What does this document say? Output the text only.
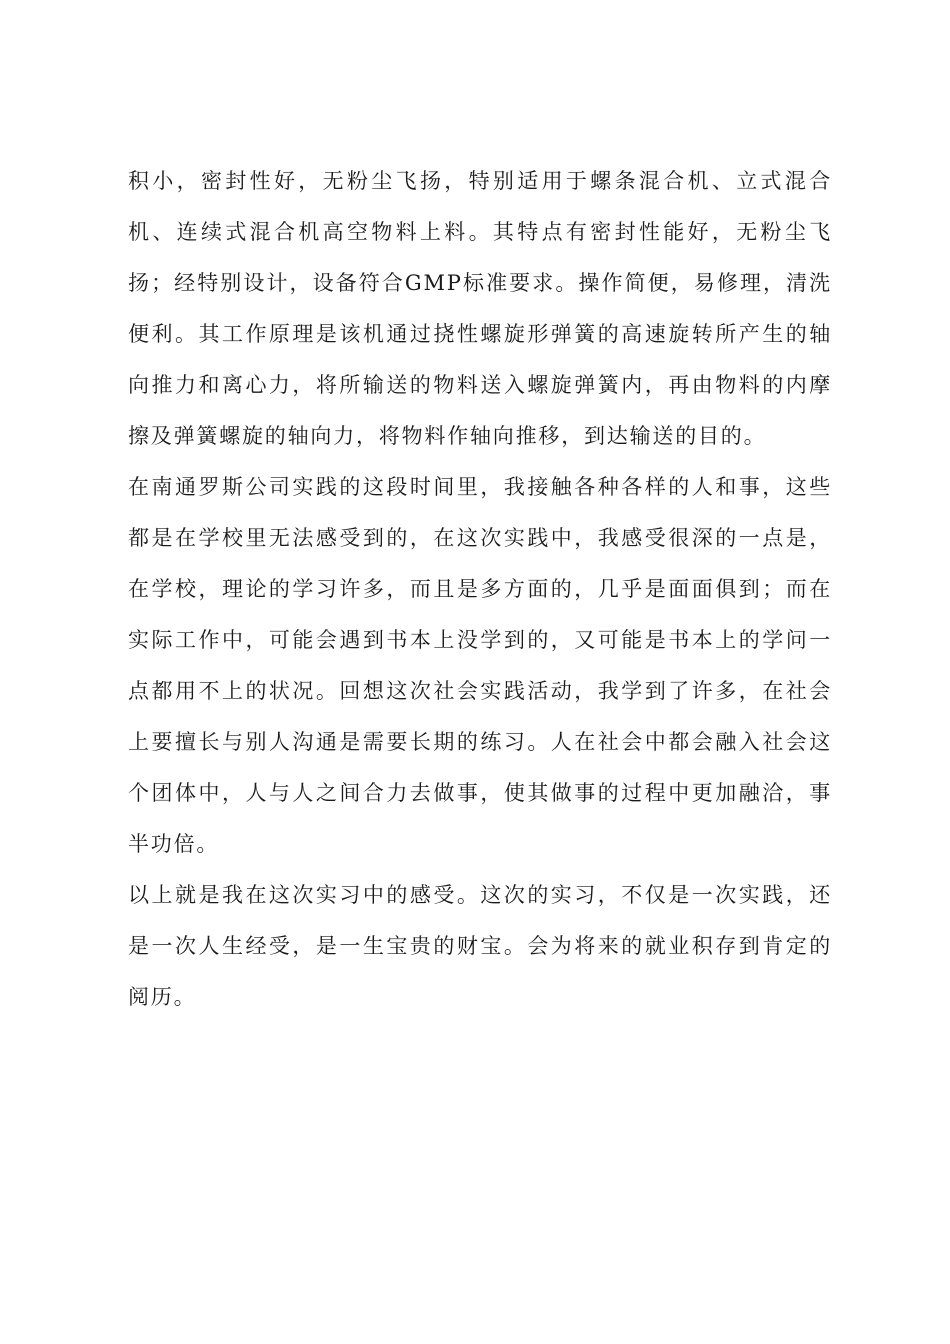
积小，密封性好，无粉尘飞扬，特别适用于螺条混合机、立式混合机、连续式混合机高空物料上料。其特点有密封性能好，无粉尘飞扬；经特别设计，设备符合GMP标准要求。操作简便，易修理，清洗便利。其工作原理是该机通过挠性螺旋形弹簧的高速旋转所产生的轴向推力和离心力，将所输送的物料送入螺旋弹簧内，再由物料的内摩擦及弹簧螺旋的轴向力，将物料作轴向推移，到达输送的目的。

在南通罗斯公司实践的这段时间里，我接触各种各样的人和事，这些都是在学校里无法感受到的，在这次实践中，我感受很深的一点是，在学校，理论的学习许多，而且是多方面的，几乎是面面俱到；而在实际工作中，可能会遇到书本上没学到的，又可能是书本上的学问一点都用不上的状况。回想这次社会实践活动，我学到了许多，在社会上要擅长与别人沟通是需要长期的练习。人在社会中都会融入社会这个团体中，人与人之间合力去做事，使其做事的过程中更加融洽，事半功倍。

以上就是我在这次实习中的感受。这次的实习，不仅是一次实践，还是一次人生经受，是一生宝贵的财宝。会为将来的就业积存到肯定的阅历。
